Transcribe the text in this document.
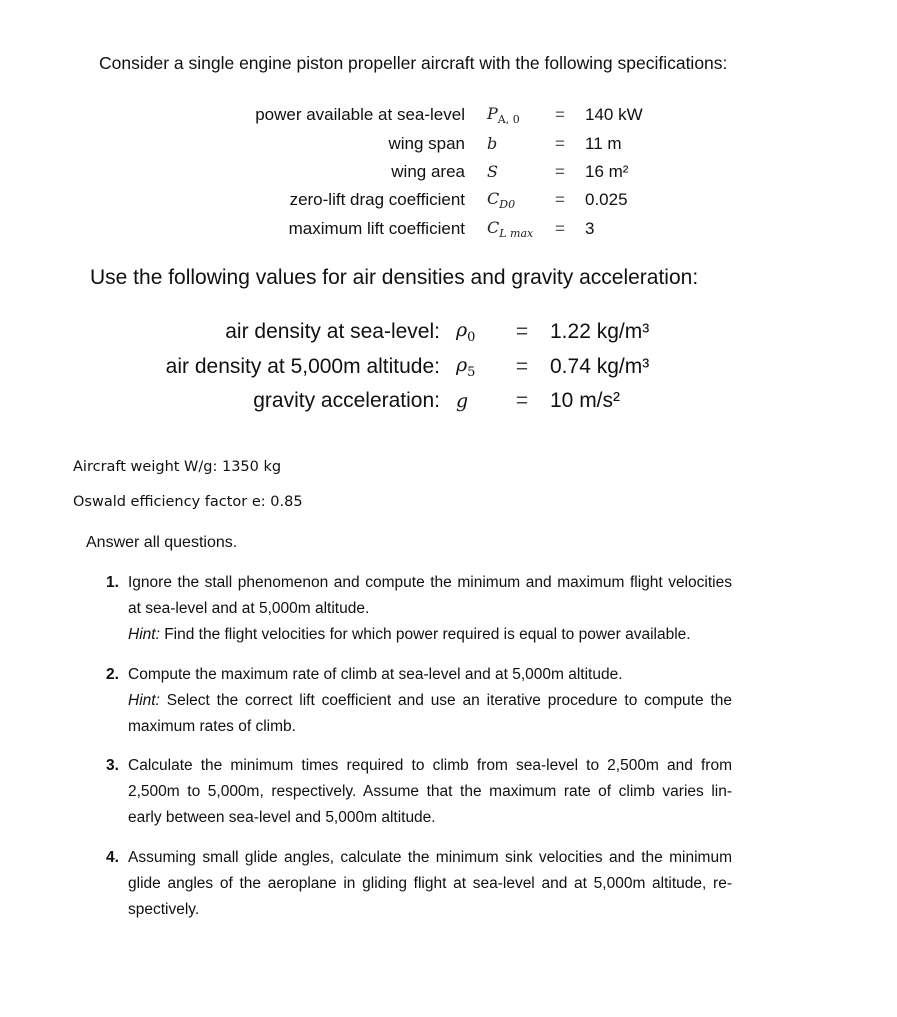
Consider a single engine piston propeller aircraft with the following specifications:
power available at sea-level	$P_{A, 0}$	=	140 kW
wing span	b	=	11 m
wing area	S	=	16 m²
zero-lift drag coefficient	$C_{D0}$	=	0.025
maximum lift coefficient	$C_{L max}$	=	3
Use the following values for air densities and gravity acceleration:
air density at sea-level:	$\rho_0$	=	1.22 kg/m³
air density at 5,000m altitude:	$\rho_5$	=	0.74 kg/m³
gravity acceleration:	g	=	10 m/s²
Aircraft weight W/g: 1350 kg
Oswald efficiency factor e: 0.85
Answer all questions.
1. Ignore the stall phenomenon and compute the minimum and maximum flight velocities
at sea-level and at 5,000m altitude.
Hint: Find the flight velocities for which power required is equal to power available.
2. Compute the maximum rate of climb at sea-level and at 5,000m altitude.
Hint: Select the correct lift coefficient and use an iterative procedure to compute the
maximum rates of climb.
3. Calculate the minimum times required to climb from sea-level to 2,500m and from
2,500m to 5,000m, respectively. Assume that the maximum rate of climb varies lin-
early between sea-level and 5,000m altitude.
4. Assuming small glide angles, calculate the minimum sink velocities and the minimum
glide angles of the aeroplane in gliding flight at sea-level and at 5,000m altitude, re-
spectively.
